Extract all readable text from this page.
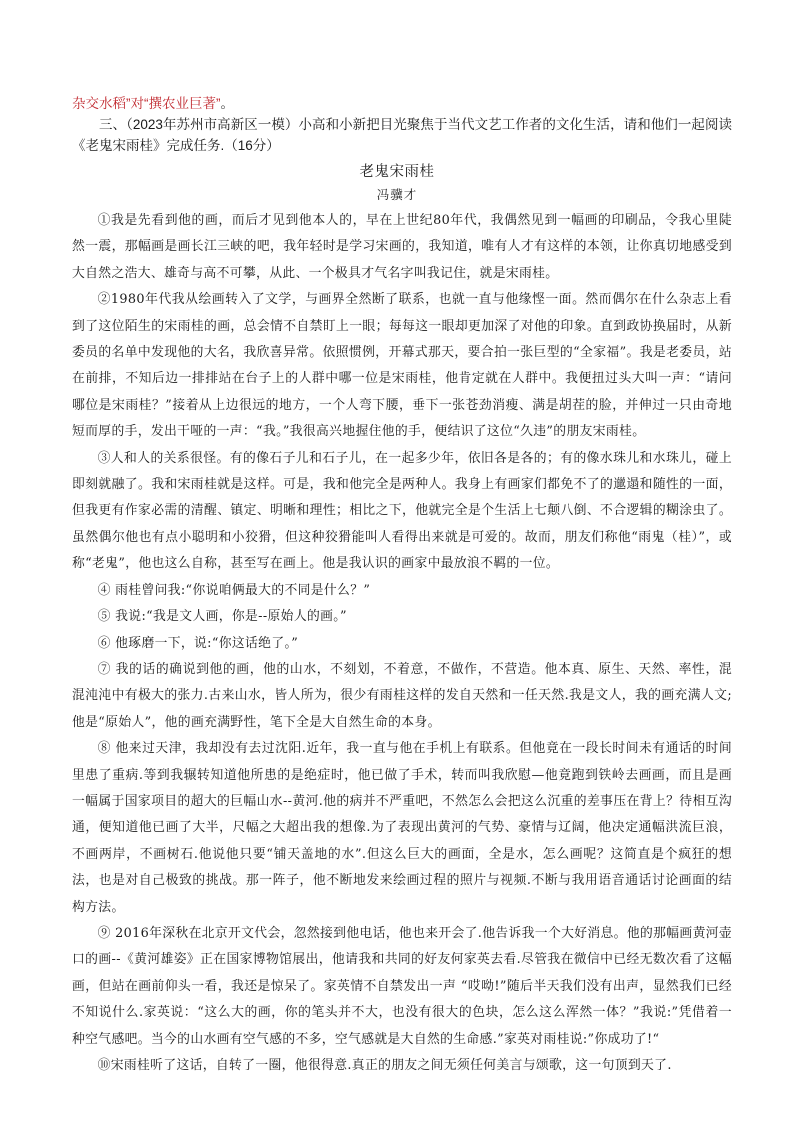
杂交水稻”对“撰农业巨著”。
三、（2023年苏州市高新区一模）小高和小新把目光聚焦于当代文艺工作者的文化生活，请和他们一起阅读《老鬼宋雨桂》完成任务.（16分）
老鬼宋雨桂
冯骥才

①我是先看到他的画，而后才见到他本人的，早在上世纪80年代，我偶然见到一幅画的印刷品，令我心里陡然一震，那幅画是画长江三峡的吧，我年轻时是学习宋画的，我知道，唯有人才有这样的本领，让你真切地感受到大自然之浩大、雄奇与高不可攀，从此、一个极具才气名字叫我记住，就是宋雨桂。

②1980年代我从绘画转入了文学，与画界全然断了联系，也就一直与他缘悭一面。然而偶尔在什么杂志上看到了这位陌生的宋雨桂的画，总会情不自禁盯上一眼；每每这一眼却更加深了对他的印象。直到政协换届时，从新委员的名单中发现他的大名，我欣喜异常。依照惯例，开幕式那天，要合拍一张巨型的“全家福”。我是老委员，站在前排，不知后边一排排站在台子上的人群中哪一位是宋雨桂，他肯定就在人群中。我便扭过头大叫一声：“请问哪位是宋雨桂？”接着从上边很远的地方，一个人弯下腰，垂下一张苍劲消瘦、满是胡茬的脸，并伸过一只由奇地短而厚的手，发出干哑的一声：“我。”我很高兴地握住他的手，便结识了这位“久违”的朋友宋雨桂。

③人和人的关系很怪。有的像石子儿和石子儿，在一起多少年，依旧各是各的；有的像水珠儿和水珠儿，碰上即刻就融了。我和宋雨桂就是这样。可是，我和他完全是两种人。我身上有画家们都免不了的邋遢和随性的一面，但我更有作家必需的清醒、镇定、明晰和理性；相比之下，他就完全是个生活上七颠八倒、不合逻辑的糊涂虫了。虽然偶尔他也有点小聪明和小狡猾，但这种狡猾能叫人看得出来就是可爱的。故而，朋友们称他“雨鬼（桂）”，或称“老鬼”，他也这么自称，甚至写在画上。他是我认识的画家中最放浪不羁的一位。

④ 雨桂曾问我:“你说咱俩最大的不同是什么？”

⑤ 我说:“我是文人画，你是--原始人的画。”

⑥ 他琢磨一下，说:“你这话绝了。”

⑦ 我的话的确说到他的画，他的山水，不刻划，不着意，不做作，不营造。他本真、原生、天然、率性，混混沌沌中有极大的张力.古来山水，皆人所为，很少有雨桂这样的发自天然和一任天然.我是文人，我的画充满人文;他是“原始人”，他的画充满野性，笔下全是大自然生命的本身。

⑧ 他来过天津，我却没有去过沈阳.近年，我一直与他在手机上有联系。但他竟在一段长时间未有通话的时间里患了重病.等到我辗转知道他所患的是绝症时，他已做了手术，转而叫我欣慰—他竟跑到铁岭去画画，而且是画一幅属于国家项目的超大的巨幅山水--黄河.他的病并不严重吧，不然怎么会把这么沉重的差事压在背上？待相互沟通，便知道他已画了大半，尺幅之大超出我的想像.为了表现出黄河的气势、豪情与辽阔，他决定通幅洪流巨浪，不画两岸，不画树石.他说他只要“铺天盖地的水”.但这么巨大的画面，全是水，怎么画呢？这简直是个疯狂的想法，也是对自己极致的挑战。那一阵子，他不断地发来绘画过程的照片与视频.不断与我用语音通话讨论画面的结构方法。

⑨ 2016年深秋在北京开文代会，忽然接到他电话，他也来开会了.他告诉我一个大好消息。他的那幅画黄河壶口的画--《黄河雄姿》正在国家博物馆展出，他请我和共同的好友何家英去看.尽管我在微信中已经无数次看了这幅画，但站在画前仰头一看，我还是惊呆了。家英情不自禁发出一声 “哎呦!”随后半天我们没有出声，显然我们已经不知说什么.家英说：“这么大的画，你的笔头并不大，也没有很大的色块，怎么这么浑然一体？”我说:”凭借着一种空气感吧。当今的山水画有空气感的不多，空气感就是大自然的生命感.”家英对雨桂说:”你成功了!“

⑩宋雨桂听了这话，自转了一圈，他很得意.真正的朋友之间无须任何美言与颂歌，这一句顶到天了.
